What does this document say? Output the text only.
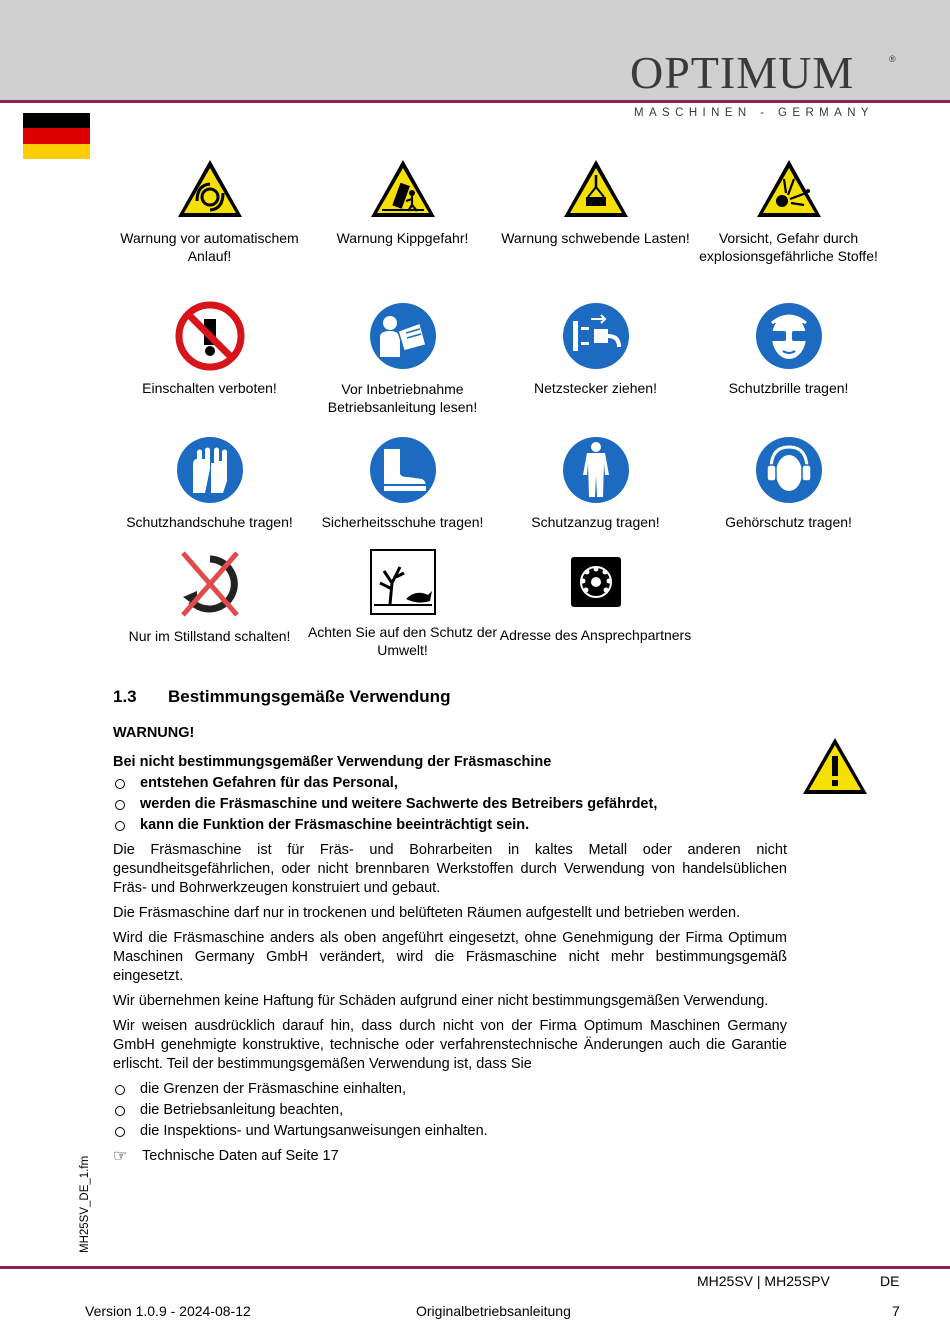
OPTIMUM	®
MASCHINEN - GERMANY
Warnung vor automatischem Anlauf!
Warnung Kippgefahr!	Warnung schwebende Lasten!	Vorsicht, Gefahr durch explosionsgefährliche Stoffe!
Einschalten verboten!	Vor Inbetriebnahme Betriebsanleitung lesen!
Netzstecker ziehen!	Schutzbrille tragen!
Schutzhandschuhe tragen!	Sicherheitsschuhe tragen!	Schutzanzug tragen!	Gehörschutz tragen!
Nur im Stillstand schalten!	Achten Sie auf den Schutz der Umwelt!
Adresse des Ansprechpartners
1.3 Bestimmungsgemäße Verwendung

WARNUNG!

Bei nicht bestimmungsgemäßer Verwendung der Fräsmaschine

entstehen Gefahren für das Personal,
werden die Fräsmaschine und weitere Sachwerte des Betreibers gefährdet,
kann die Funktion der Fräsmaschine beeinträchtigt sein.

Die Fräsmaschine ist für Fräs- und Bohrarbeiten in kaltes Metall oder anderen nicht gesundheitsgefährlichen, oder nicht brennbaren Werkstoffen durch Verwendung von handelsüblichen Fräs- und Bohrwerkzeugen konstruiert und gebaut.

Die Fräsmaschine darf nur in trockenen und belüfteten Räumen aufgestellt und betrieben werden.

Wird die Fräsmaschine anders als oben angeführt eingesetzt, ohne Genehmigung der Firma Optimum Maschinen Germany GmbH verändert, wird die Fräsmaschine nicht mehr bestimmungsgemäß eingesetzt.

Wir übernehmen keine Haftung für Schäden aufgrund einer nicht bestimmungsgemäßen Verwendung.

Wir weisen ausdrücklich darauf hin, dass durch nicht von der Firma Optimum Maschinen Germany GmbH genehmigte konstruktive, technische oder verfahrenstechnische Änderungen auch die Garantie erlischt. Teil der bestimmungsgemäßen Verwendung ist, dass Sie

die Grenzen der Fräsmaschine einhalten,
die Betriebsanleitung beachten,
die Inspektions- und Wartungsanweisungen einhalten.
☞	Technische Daten auf Seite 17
MH25SV_DE_1.fm
MH25SV | MH25SPV	DE
Version 1.0.9 - 2024-08-12	Originalbetriebsanleitung	7
